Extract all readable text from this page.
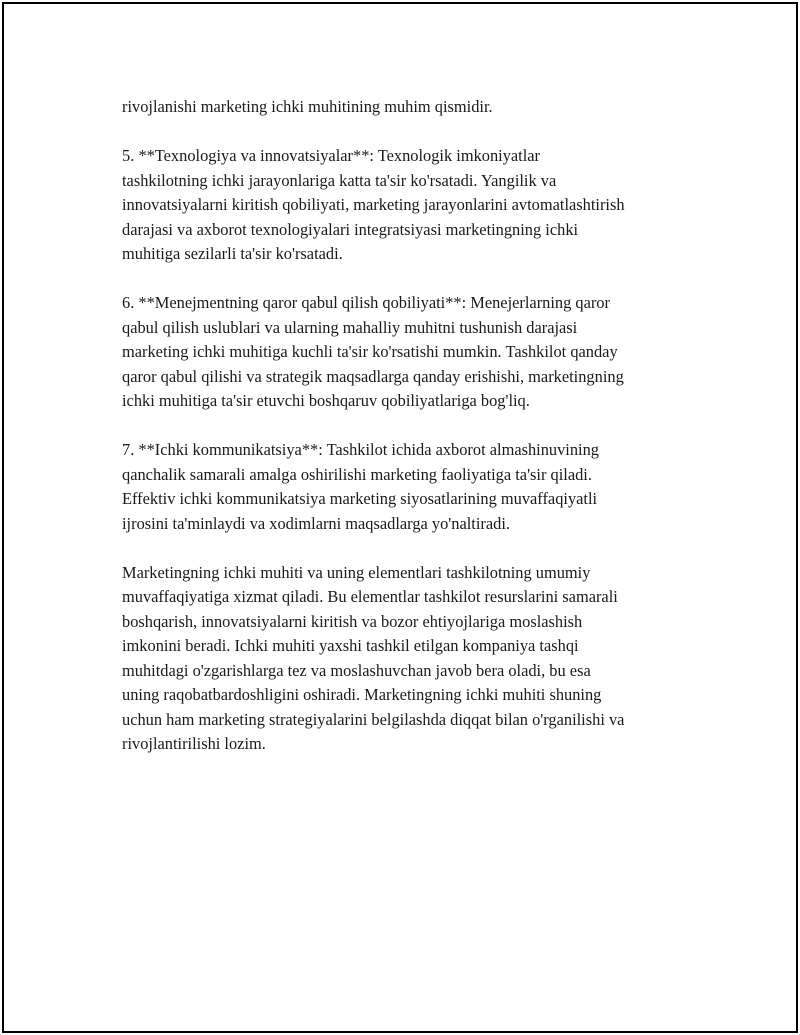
rivojlanishi marketing ichki muhitining muhim qismidir.

5. **Texnologiya va innovatsiyalar**: Texnologik imkoniyatlar
tashkilotning ichki jarayonlariga katta ta'sir ko'rsatadi. Yangilik va
innovatsiyalarni kiritish qobiliyati, marketing jarayonlarini avtomatlashtirish
darajasi va axborot texnologiyalari integratsiyasi marketingning ichki
muhitiga sezilarli ta'sir ko'rsatadi.

6. **Menejmentning qaror qabul qilish qobiliyati**: Menejerlarning qaror
qabul qilish uslublari va ularning mahalliy muhitni tushunish darajasi
marketing ichki muhitiga kuchli ta'sir ko'rsatishi mumkin. Tashkilot qanday
qaror qabul qilishi va strategik maqsadlarga qanday erishishi, marketingning
ichki muhitiga ta'sir etuvchi boshqaruv qobiliyatlariga bog'liq.

7. **Ichki kommunikatsiya**: Tashkilot ichida axborot almashinuvining
qanchalik samarali amalga oshirilishi marketing faoliyatiga ta'sir qiladi.
Effektiv ichki kommunikatsiya marketing siyosatlarining muvaffaqiyatli
ijrosini ta'minlaydi va xodimlarni maqsadlarga yo'naltiradi.

Marketingning ichki muhiti va uning elementlari tashkilotning umumiy
muvaffaqiyatiga xizmat qiladi. Bu elementlar tashkilot resurslarini samarali
boshqarish, innovatsiyalarni kiritish va bozor ehtiyojlariga moslashish
imkonini beradi. Ichki muhiti yaxshi tashkil etilgan kompaniya tashqi
muhitdagi o'zgarishlarga tez va moslashuvchan javob bera oladi, bu esa
uning raqobatbardoshligini oshiradi. Marketingning ichki muhiti shuning
uchun ham marketing strategiyalarini belgilashda diqqat bilan o'rganilishi va
rivojlantirilishi lozim.
